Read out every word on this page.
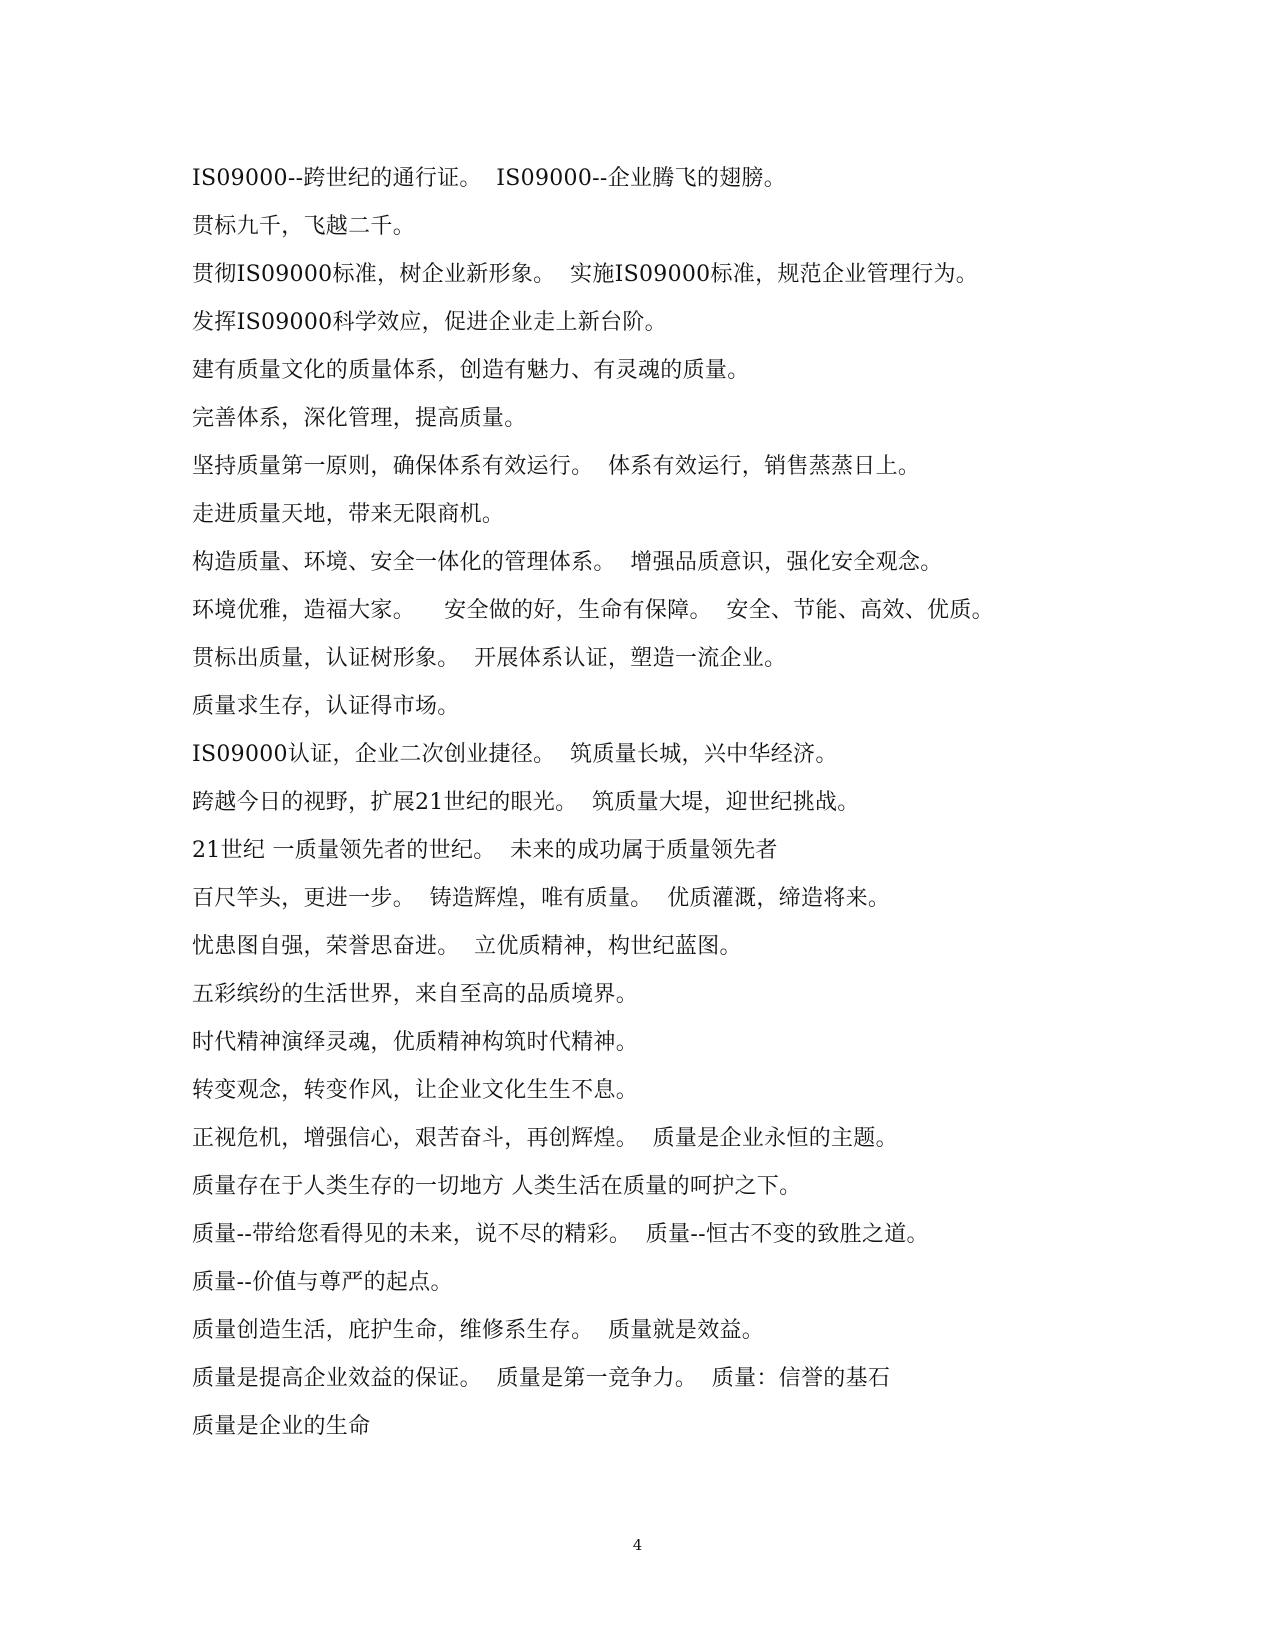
IS09000--跨世纪的通行证。  IS09000--企业腾飞的翅膀。
贯标九千，飞越二千。
贯彻IS09000标准，树企业新形象。  实施IS09000标准，规范企业管理行为。
发挥IS09000科学效应，促进企业走上新台阶。
建有质量文化的质量体系，创造有魅力、有灵魂的质量。
完善体系，深化管理，提高质量。
坚持质量第一原则，确保体系有效运行。  体系有效运行，销售蒸蒸日上。
走进质量天地，带来无限商机。
构造质量、环境、安全一体化的管理体系。  增强品质意识，强化安全观念。
环境优雅，造福大家。    安全做的好，生命有保障。  安全、节能、高效、优质。
贯标出质量，认证树形象。  开展体系认证，塑造一流企业。
质量求生存，认证得市场。
IS09000认证，企业二次创业捷径。  筑质量长城，兴中华经济。
跨越今日的视野，扩展21世纪的眼光。  筑质量大堤，迎世纪挑战。
21世纪 一质量领先者的世纪。  未来的成功属于质量领先者
百尺竿头，更进一步。  铸造辉煌，唯有质量。  优质灌溉，缔造将来。
忧患图自强，荣誉思奋进。  立优质精神，构世纪蓝图。
五彩缤纷的生活世界，来自至高的品质境界。
时代精神演绎灵魂，优质精神构筑时代精神。
转变观念，转变作风，让企业文化生生不息。
正视危机，增强信心，艰苦奋斗，再创辉煌。  质量是企业永恒的主题。
质量存在于人类生存的一切地方 人类生活在质量的呵护之下。
质量--带给您看得见的未来，说不尽的精彩。  质量--恒古不变的致胜之道。
质量--价值与尊严的起点。
质量创造生活，庇护生命，维修系生存。  质量就是效益。
质量是提高企业效益的保证。  质量是第一竞争力。  质量：信誉的基石
质量是企业的生命
4
